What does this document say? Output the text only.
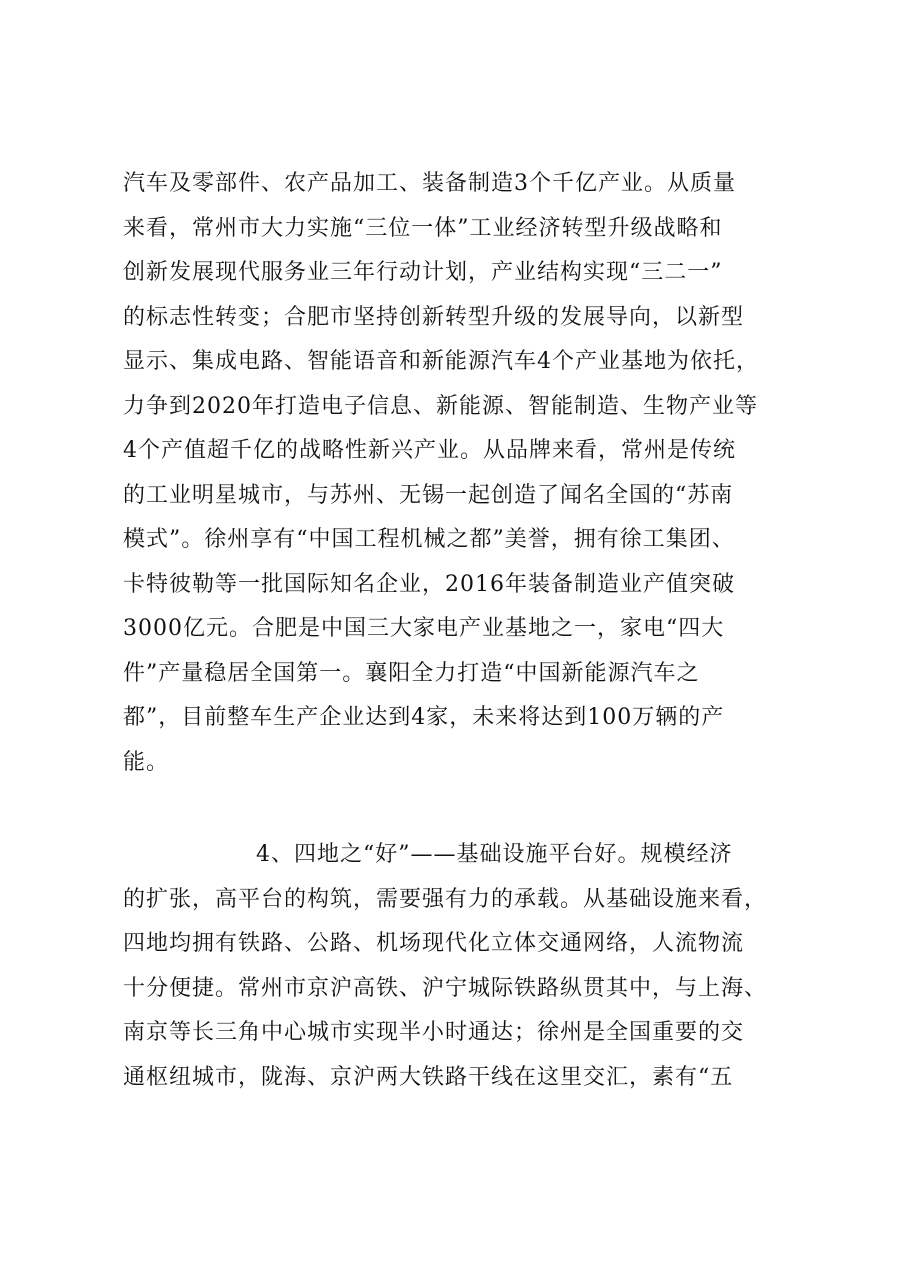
汽车及零部件、农产品加工、装备制造3个千亿产业。从质量
来看，常州市大力实施“三位一体”工业经济转型升级战略和
创新发展现代服务业三年行动计划，产业结构实现“三二一”
的标志性转变；合肥市坚持创新转型升级的发展导向，以新型
显示、集成电路、智能语音和新能源汽车4个产业基地为依托，
力争到2020年打造电子信息、新能源、智能制造、生物产业等
4个产值超千亿的战略性新兴产业。从品牌来看，常州是传统
的工业明星城市，与苏州、无锡一起创造了闻名全国的“苏南
模式”。徐州享有“中国工程机械之都”美誉，拥有徐工集团、
卡特彼勒等一批国际知名企业，2016年装备制造业产值突破
3000亿元。合肥是中国三大家电产业基地之一，家电“四大
件”产量稳居全国第一。襄阳全力打造“中国新能源汽车之
都”，目前整车生产企业达到4家，未来将达到100万辆的产
能。
4、四地之“好”——基础设施平台好。规模经济
的扩张，高平台的构筑，需要强有力的承载。从基础设施来看，
四地均拥有铁路、公路、机场现代化立体交通网络，人流物流
十分便捷。常州市京沪高铁、沪宁城际铁路纵贯其中，与上海、
南京等长三角中心城市实现半小时通达；徐州是全国重要的交
通枢纽城市，陇海、京沪两大铁路干线在这里交汇，素有“五
